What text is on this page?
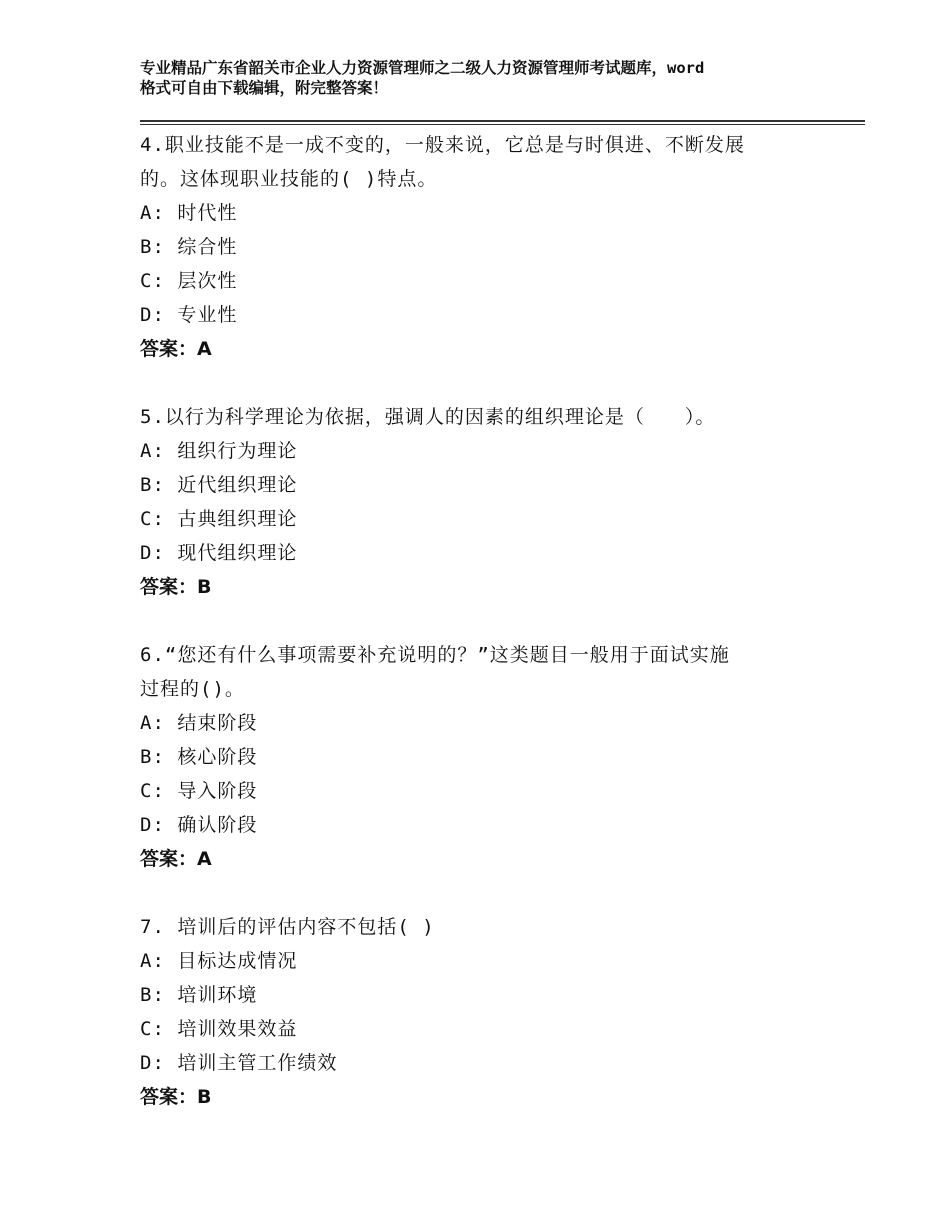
专业精品广东省韶关市企业人力资源管理师之二级人力资源管理师考试题库，word
格式可自由下载编辑，附完整答案！
4.职业技能不是一成不变的，一般来说，它总是与时俱进、不断发展
的。这体现职业技能的( )特点。
A: 时代性
B: 综合性
C: 层次性
D: 专业性
答案：A
5.以行为科学理论为依据，强调人的因素的组织理论是（　　）。
A: 组织行为理论
B: 近代组织理论
C: 古典组织理论
D: 现代组织理论
答案：B
6.“您还有什么事项需要补充说明的？”这类题目一般用于面试实施
过程的()。
A: 结束阶段
B: 核心阶段
C: 导入阶段
D: 确认阶段
答案：A
7. 培训后的评估内容不包括( )
A: 目标达成情况
B: 培训环境
C: 培训效果效益
D: 培训主管工作绩效
答案：B
